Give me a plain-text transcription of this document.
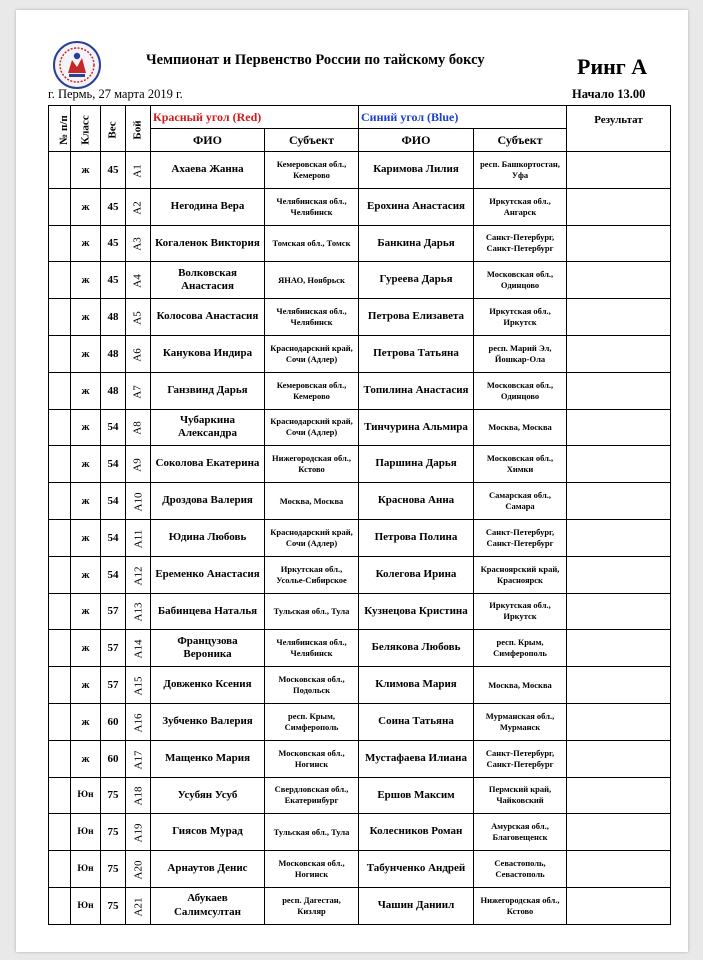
Чемпионат и Первенство России по тайскому боксу	Ринг А
г. Пермь, 27 марта 2019 г.	Начало 13.00
№ п/п	Класс	Вес	Бой	Красный угол (Red)		Синий угол (Blue)		Результат
				ФИО	Субъект	ФИО	Субъект	
	ж	45	А1	Ахаева Жанна	Кемеровская обл., Кемерово	Каримова Лилия	респ. Башкортостан, Уфа	
	ж	45	А2	Негодина Вера	Челябинская обл., Челябинск	Ерохина Анастасия	Иркутская обл., Ангарск	
	ж	45	А3	Когаленок Виктория	Томская обл., Томск	Банкина Дарья	Санкт-Петербург, Санкт-Петербург	
	ж	45	А4	Волковская Анастасия	ЯНАО, Ноябрьск	Гуреева Дарья	Московская обл., Одинцово	
	ж	48	А5	Колосова Анастасия	Челябинская обл., Челябинск	Петрова Елизавета	Иркутская обл., Иркутск	
	ж	48	А6	Канукова Индира	Краснодарский край, Сочи (Адлер)	Петрова Татьяна	респ. Марий Эл, Йошкар-Ола	
	ж	48	А7	Ганзвинд Дарья	Кемеровская обл., Кемерово	Топилина Анастасия	Московская обл., Одинцово	
	ж	54	А8	Чубаркина Александра	Краснодарский край, Сочи (Адлер)	Тинчурина Альмира	Москва, Москва	
	ж	54	А9	Соколова Екатерина	Нижегородская обл., Кстово	Паршина Дарья	Московская обл., Химки	
	ж	54	А10	Дроздова Валерия	Москва, Москва	Краснова Анна	Самарская обл., Самара	
	ж	54	А11	Юдина Любовь	Краснодарский край, Сочи (Адлер)	Петрова Полина	Санкт-Петербург, Санкт-Петербург	
	ж	54	А12	Еременко Анастасия	Иркутская обл., Усолье-Сибирское	Колегова Ирина	Красноярский край, Красноярск	
	ж	57	А13	Бабинцева Наталья	Тульская обл., Тула	Кузнецова Кристина	Иркутская обл., Иркутск	
	ж	57	А14	Французова Вероника	Челябинская обл., Челябинск	Белякова Любовь	респ. Крым, Симферополь	
	ж	57	А15	Довженко Ксения	Московская обл., Подольск	Климова Мария	Москва, Москва	
	ж	60	А16	Зубченко Валерия	респ. Крым, Симферополь	Соина Татьяна	Мурманская обл., Мурманск	
	ж	60	А17	Мащенко Мария	Московская обл., Ногинск	Мустафаева Илиана	Санкт-Петербург, Санкт-Петербург	
	Юн	75	А18	Усубян Усуб	Свердловская обл., Екатеринбург	Ершов Максим	Пермский край, Чайковский	
	Юн	75	А19	Гиясов Мурад	Тульская обл., Тула	Колесников Роман	Амурская обл., Благовещенск	
	Юн	75	А20	Арнаутов Денис	Московская обл., Ногинск	Табунченко Андрей	Севастополь, Севастополь	
	Юн	75	А21	Абукаев Салимсултан	респ. Дагестан, Кизляр	Чашин Даниил	Нижегородская обл., Кстово	
